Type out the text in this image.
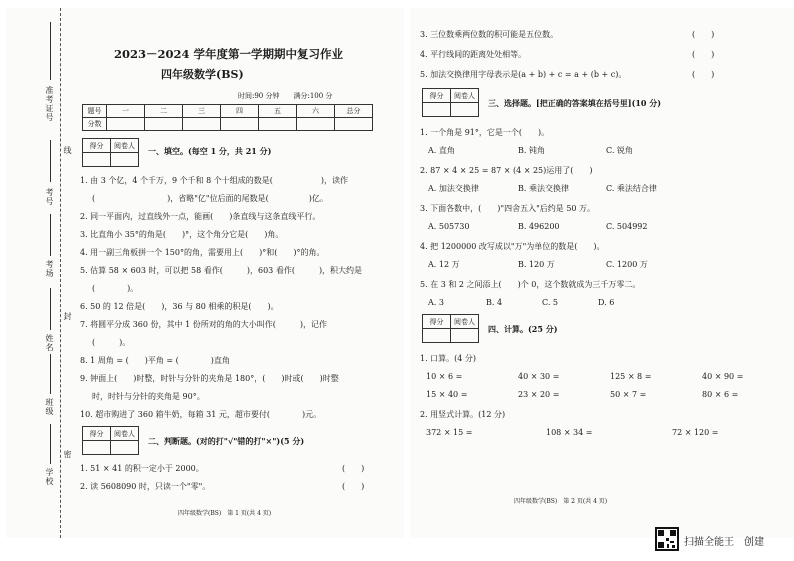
准考证号
线
考号
考场
姓名
班级
学校
封
密
2023－2024 学年度第一学期期中复习作业
四年级数学(BS)
时间:90 分钟　　满分:100 分
题号	一	二	三	四	五	六	总分
分数							
得分	阅卷人

一、填空。(每空 1 分，共 21 分)
1. 由 3 个亿，4 个千万，9 个千和 8 个十组成的数是(　　　　　　)，读作
(　　　　　　　　　)，省略"亿"位后面的尾数是(　　　　　)亿。
2. 同一平面内，过直线外一点，能画(　　)条直线与这条直线平行。
3. 比直角小 35°的角是(　　)°，这个角分它是(　　)角。
4. 用一副三角板拼一个 150°的角，需要用上(　　)°和(　　)°的角。
5. 估算 58 × 603 时，可以把 58 看作(　　　)，603 看作(　　　)，积大约是
(　　　　)。
6. 50 的 12 倍是(　　)，36 与 80 相乘的积是(　　)。
7. 将圆平分成 360 份，其中 1 份所对的角的大小叫作(　　　)，记作
(　　　)。
8. 1 周角 = (　　)平角 = (　　　　)直角
9. 钟面上(　　)时整，时针与分针的夹角是 180°，(　　)时或(　　)时整
时，时针与分针的夹角是 90°。
10. 超市购进了 360 箱牛奶，每箱 31 元，超市要付(　　　　)元。
得分	阅卷人

二、判断题。(对的打"√"错的打"×")(5 分)
1. 51 × 41 的积一定小于 2000。	(　　)
2. 读 5608090 时，只读一个"零"。	(　　)
四年级数学(BS)　第 1 页(共 4 页)
3. 三位数乘两位数的积可能是五位数。	(　　)
4. 平行线间的距离处处相等。	(　　)
5. 加法交换律用字母表示是(a + b) + c = a + (b + c)。	(　　)
得分	阅卷人

三、选择题。[把正确的答案填在括号里](10 分)
1. 一个角是 91°，它是一个(　　)。
A. 直角	B. 钝角	C. 锐角
2. 87 × 4 × 25 = 87 × (4 × 25)运用了(　　)
A. 加法交换律	B. 乘法交换律	C. 乘法结合律
3. 下面各数中，(　　)"四舍五入"后约是 50 万。
A. 505730	B. 496200	C. 504992
4. 把 1200000 改写成以"万"为单位的数是(　　)。
A. 12 万	B. 120 万	C. 1200 万
5. 在 3 和 2 之间添上(　　)个 0，这个数就成为三千万零二。
A. 3	B. 4	C. 5	D. 6
得分	阅卷人

四、计算。(25 分)
1. 口算。(4 分)
10 × 6 =	40 × 30 =	125 × 8 =	40 × 90 =
15 × 40 =	23 × 20 =	50 × 7 =	80 × 6 =
2. 用竖式计算。(12 分)
372 × 15 =	108 × 34 =	72 × 120 =
四年级数学(BS)　第 2 页(共 4 页)
扫描全能王　创建
